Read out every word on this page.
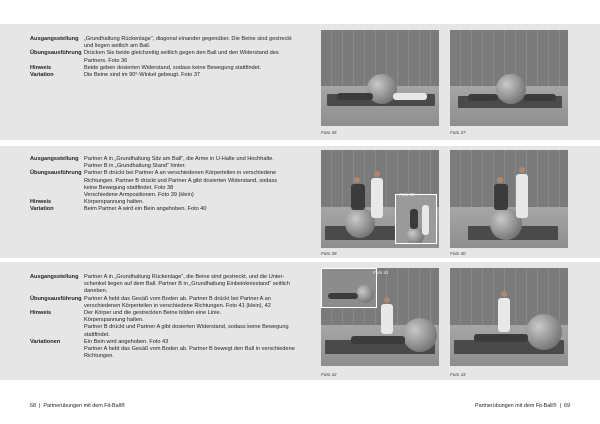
Ausgangsstellung „Grundhaltung Rückenlage“, diagonal einander gegenüber. Die Beine sind gestreckt
und liegen seitlich am Ball.
Übungsausführung Drücken Sie beide gleichzeitig seitlich gegen den Ball und den Widerstand des
Partners. Foto 36
Hinweis	Beide geben dosierten Widerstand, sodass keine Bewegung stattfindet.
Variation	Die Beine sind im 90°-Winkel gebeugt. Foto 37
Foto 36	Foto 37
Ausgangsstellung Partner A in „Grundhaltung Sitz am Ball“, die Arme in U-Halte und Hochhalte.
Partner B in „Grundhaltung Stand“ hinter.
Übungsausführung Partner B drückt bei Partner A an verschiedenen Körperteilen in verschiedene
Richtungen. Partner B drückt und Partner A gibt dosierten Widerstand, sodass
keine Bewegung stattfindet. Foto 38
Verschiedene Armpositionen. Foto 39 (klein)
Hinweis	Körperspannung halten.
Variation	Beim Partner A wird ein Bein angehoben. Foto 40
Foto 39
Foto 38	Foto 40
Ausgangsstellung Partner A in „Grundhaltung Rückenlage“, die Beine sind gestreckt, und die Unter-
schenkel liegen auf dem Ball. Partner B in „Grundhaltung Einbeinkniestand“ seitlich
daneben.
Übungsausführung Partner A hebt das Gesäß vom Boden ab. Partner B drückt bei Partner A an
verschiedenen Körperteilen in verschiedene Richtungen. Foto 41 (klein), 42
Hinweis	Der Körper und die gestreckten Beine bilden eine Linie.
Körperspannung halten.
Partner B drückt und Partner A gibt dosierten Widerstand, sodass keine Bewegung
stattfindet.
Variationen	Ein Bein wird angehoben. Foto 43
Partner A hebt das Gesäß vom Boden ab. Partner B bewegt den Ball in verschiedene
Richtungen.
Foto 41
Foto 42	Foto 43
68 | Partnerübungen mit dem Fit-Ball®	Partnerübungen mit dem Fit-Ball® | 69
